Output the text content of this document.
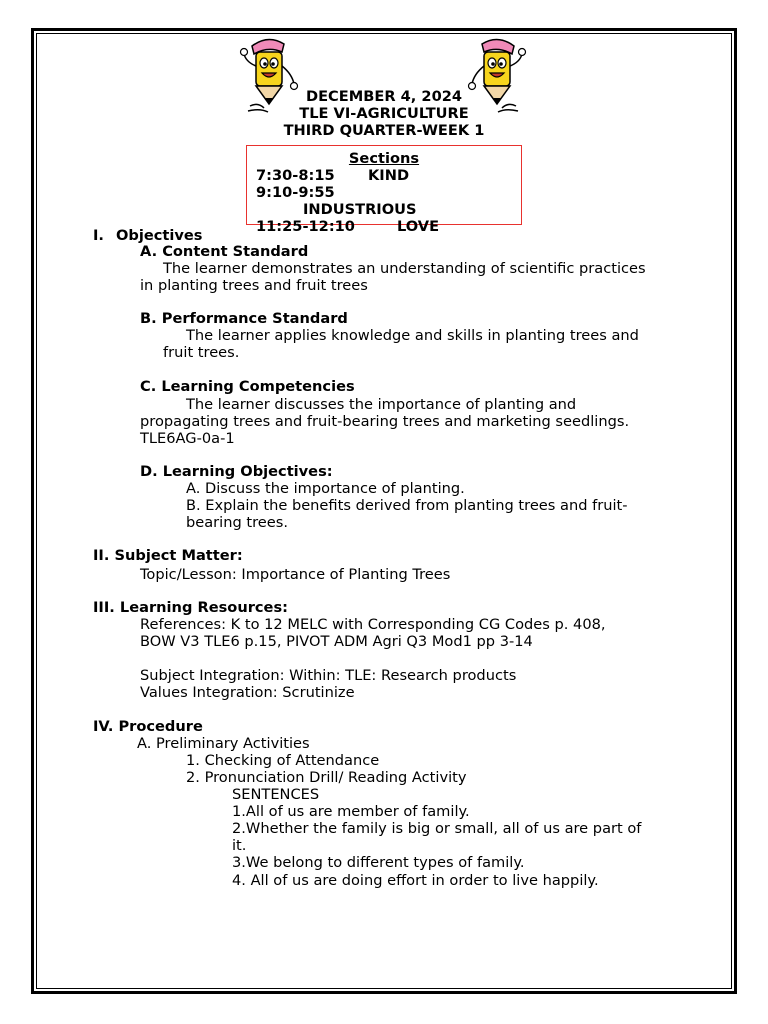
DECEMBER 4, 2024
TLE VI-AGRICULTURE
THIRD QUARTER-WEEK 1
Sections
7:30-8:15 KIND
9:10-9:55
INDUSTRIOUS
11:25-12:10	LOVE
I. Objectives
A. Content Standard
The learner demonstrates an understanding of scientific practices
in planting trees and fruit trees
B. Performance Standard
The learner applies knowledge and skills in planting trees and
fruit trees.
C. Learning Competencies
The learner discusses the importance of planting and
propagating trees and fruit-bearing trees and marketing seedlings.
TLE6AG-0a-1
D. Learning Objectives:
A. Discuss the importance of planting.
B. Explain the benefits derived from planting trees and fruit-
bearing trees.
II. Subject Matter:
Topic/Lesson: Importance of Planting Trees
III. Learning Resources:
References: K to 12 MELC with Corresponding CG Codes p. 408,
BOW V3 TLE6 p.15, PIVOT ADM Agri Q3 Mod1 pp 3-14
Subject Integration: Within: TLE: Research products
Values Integration: Scrutinize
IV. Procedure
A. Preliminary Activities
1. Checking of Attendance
2. Pronunciation Drill/ Reading Activity
SENTENCES
1.All of us are member of family.
2.Whether the family is big or small, all of us are part of
it.
3.We belong to different types of family.
4. All of us are doing effort in order to live happily.
